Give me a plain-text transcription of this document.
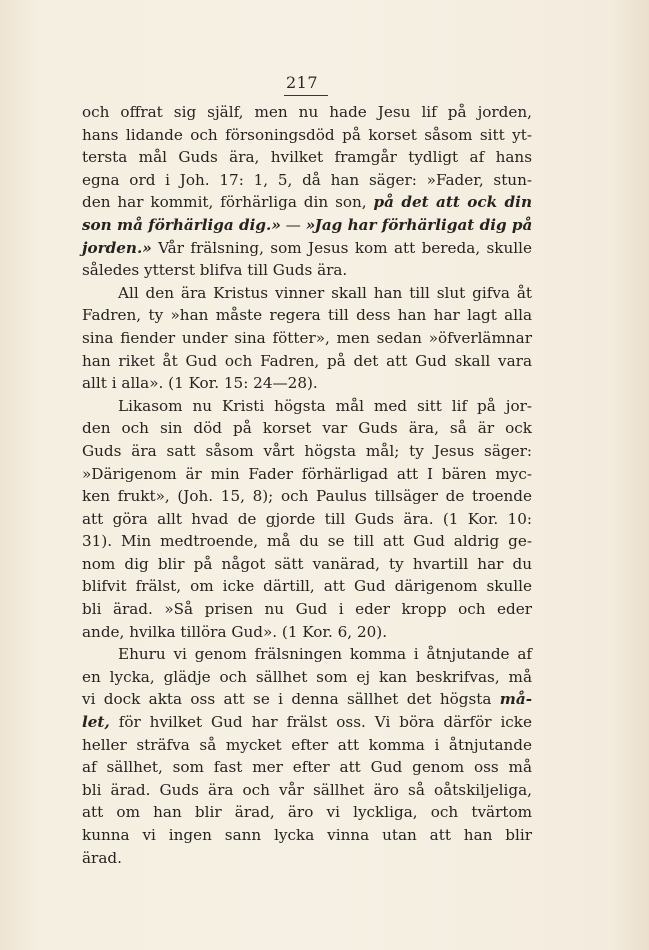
217
och offrat sig själf, men nu hade Jesu lif på jorden,
hans lidande och försoningsdöd på korset såsom sitt yt-
tersta mål Guds ära, hvilket framgår tydligt af hans
egna ord i Joh. 17: 1, 5, då han säger: »Fader, stun-
den har kommit, förhärliga din son, på det att ock din
son må förhärliga dig.» — »Jag har förhärligat dig på
jorden.» Vår frälsning, som Jesus kom att bereda, skulle
således ytterst blifva till Guds ära.
All den ära Kristus vinner skall han till slut gifva åt
Fadren, ty »han måste regera till dess han har lagt alla
sina fiender under sina fötter», men sedan »öfverlämnar
han riket åt Gud och Fadren, på det att Gud skall vara
allt i alla». (1 Kor. 15: 24—28).
Likasom nu Kristi högsta mål med sitt lif på jor-
den och sin död på korset var Guds ära, så är ock
Guds ära satt såsom vårt högsta mål; ty Jesus säger:
»Därigenom är min Fader förhärligad att I bären myc-
ken frukt», (Joh. 15, 8); och Paulus tillsäger de troende
att göra allt hvad de gjorde till Guds ära. (1 Kor. 10:
31). Min medtroende, må du se till att Gud aldrig ge-
nom dig blir på något sätt vanärad, ty hvartill har du
blifvit frälst, om icke därtill, att Gud därigenom skulle
bli ärad. »Så prisen nu Gud i eder kropp och eder
ande, hvilka tillöra Gud». (1 Kor. 6, 20).
Ehuru vi genom frälsningen komma i åtnjutande af
en lycka, glädje och sällhet som ej kan beskrifvas, må
vi dock akta oss att se i denna sällhet det högsta må-
let, för hvilket Gud har frälst oss. Vi böra därför icke
heller sträfva så mycket efter att komma i åtnjutande
af sällhet, som fast mer efter att Gud genom oss må
bli ärad. Guds ära och vår sällhet äro så oåtskiljeliga,
att om han blir ärad, äro vi lyckliga, och tvärtom
kunna vi ingen sann lycka vinna utan att han blir
ärad.
